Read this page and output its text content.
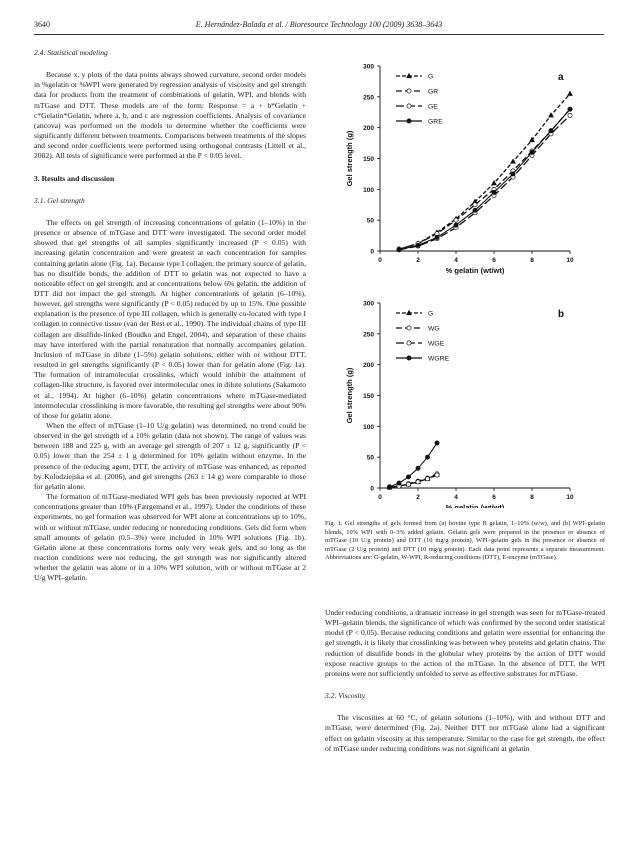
3640	E. Hernández-Balada et al. / Bioresource Technology 100 (2009) 3638–3643
2.4. Statistical modeling

Because x, y plots of the data points always showed curvature, second order models in %gelatin or %WPI were generated by regression analysis of viscosity and gel strength data for products from the treatment of combinations of gelatin, WPI, and blends with mTGase and DTT. These models are of the form: Response = a + b*Gelatin + c*Gelatin*Gelatin, where a, b, and c are regression coefficients. Analysis of covariance (ancova) was performed on the models to determine whether the coefficients were significantly different between treatments. Comparisons between treatments of the slopes and second order coefficients were performed using orthogonal contrasts (Littell et al., 2002). All tests of significance were performed at the P < 0.05 level.

3. Results and discussion
3.1. Gel strength

The effects on gel strength of increasing concentrations of gelatin (1–10%) in the presence or absence of mTGase and DTT were investigated. The second order model showed that gel strengths of all samples significantly increased (P < 0.05) with increasing gelatin concentration and were greatest at each concentration for samples containing gelatin alone (Fig. 1a). Because type I collagen, the primary source of gelatin, has no disulfide bonds, the addition of DTT to gelatin was not expected to have a noticeable effect on gel strength, and at concentrations below 6% gelatin, the addition of DTT did not impact the gel strength. At higher concentrations of gelatin (6–10%), however, gel strengths were significantly (P < 0.05) reduced by up to 15%. One possible explanation is the presence of type III collagen, which is generally co-located with type I collagen in connective tissue (van der Rest et al., 1990). The individual chains of type III collagen are disulfide-linked (Boudko and Engel, 2004), and separation of these chains may have interfered with the partial renaturation that normally accompanies gelation. Inclusion of mTGase in dilute (1–5%) gelatin solutions, either with or without DTT, resulted in gel strengths significantly (P < 0.05) lower than for gelatin alone (Fig. 1a). The formation of intramolecular crosslinks, which would inhibit the attainment of collagen-like structure, is favored over intermolecular ones in dilute solutions (Sakamoto et al., 1994). At higher (6–10%) gelatin concentrations where mTGase-mediated intermolecular crosslinking is more favorable, the resulting gel strengths were about 90% of those for gelatin alone.

When the effect of mTGase (1–10 U/g gelatin) was determined, no trend could be observed in the gel strength of a 10% gelatin (data not shown). The range of values was between 188 and 225 g, with an average gel strength of 207 ± 12 g, significantly (P < 0.05) lower than the 254 ± 1 g determined for 10% gelatin without enzyme. In the presence of the reducing agent, DTT, the activity of mTGase was enhanced, as reported by Kolodziejska et al. (2006), and gel strengths (263 ± 14 g) were comparable to those for gelatin alone.

The formation of mTGase-mediated WPI gels has been previously reported at WPI concentrations greater than 10% (Færgemand et al., 1997). Under the conditions of these experiments, no gel formation was observed for WPI alone at concentrations up to 10%, with or without mTGase, under reducing or nonreducing conditions. Gels did form when small amounts of gelatin (0.5–3%) were included in 10% WPI solutions (Fig. 1b). Gelatin alone at these concentrations forms only very weak gels, and so long as the reaction conditions were not reducing, the gel strength was not significantly altered whether the gelatin was alone or in a 10% WPI solution, with or without mTGase at 2 U/g WPI–gelatin.

0
50
100
150
200
250
300
0	2	4	6	8	10
% gelatin (wt/wt)
Gel strength (g)
a
G
GR
GE
GRE
0
50
100
150
200
250
300
0	2	4	6	8	10
% gelatin (wt/wt)
Gel strength (g)
b
G
WG
WGE
WGRE
Fig. 1. Gel strengths of gels formed from (a) bovine type B gelatin, 1–10% (w/w), and (b) WPI–gelatin blends, 10% WPI with 0–3% added gelatin. Gelatin gels were prepared in the presence or absence of mTGase (10 U/g protein) and DTT (10 mg/g protein), WPI–gelatin gels in the presence or absence of mTGase (2 U/g protein) and DTT (10 mg/g protein). Each data point represents a separate measurement. Abbreviations are: G-gelatin, W-WPI, R-reducing conditions (DTT), E-enzyme (mTGase).

Under reducing conditions, a dramatic increase in gel strength was seen for mTGase-treated WPI–gelatin blends, the significance of which was confirmed by the second order statistical model (P < 0.05). Because reducing conditions and gelatin were essential for enhancing the gel strength, it is likely that crosslinking was between whey proteins and gelatin chains. The reduction of disulfide bonds in the globular whey proteins by the action of DTT would expose reactive groups to the action of the mTGase. In the absence of DTT, the WPI proteins were not sufficiently unfolded to serve as effective substrates for mTGase.

3.2. Viscosity

The viscosities at 60 °C, of gelatin solutions (1–10%), with and without DTT and mTGase, were determined (Fig. 2a). Neither DTT nor mTGase alone had a significant effect on gelatin viscosity at this temperature. Similar to the case for gel strength, the effect of mTGase under reducing conditions was not significant at gelatin
